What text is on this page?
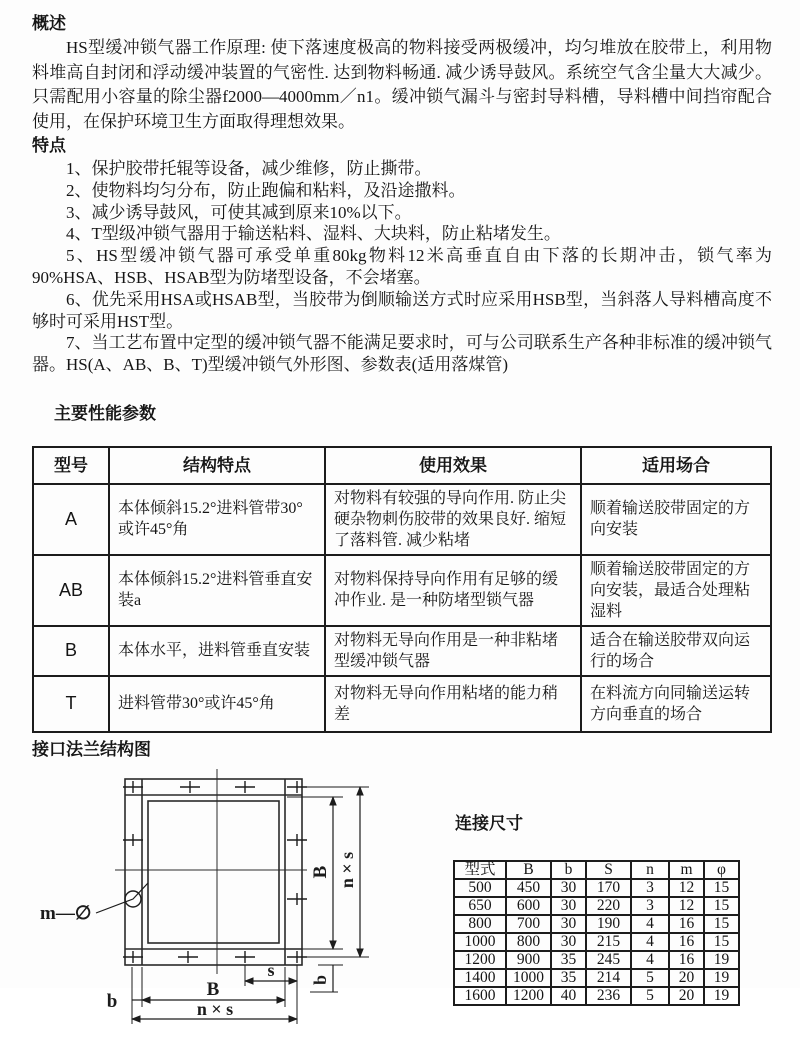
概述
HS型缓冲锁气器工作原理: 使下落速度极高的物料接受两极缓冲，均匀堆放在胶带上，利用物料堆高自封闭和浮动缓冲装置的气密性. 达到物料畅通. 减少诱导鼓风。系统空气含尘量大大减少。只需配用小容量的除尘器f2000—4000mm／n1。缓冲锁气漏斗与密封导料槽，导料槽中间挡帘配合使用，在保护环境卫生方面取得理想效果。
特点
1、保护胶带托辊等设备，减少维修，防止撕带。
2、使物料均匀分布，防止跑偏和粘料，及沿途撒料。
3、减少诱导鼓风，可使其减到原来10%以下。
4、T型级冲锁气器用于输送粘料、湿料、大块料，防止粘堵发生。
5、HS型缓冲锁气器可承受单重80kg物料12米高垂直自由下落的长期冲击，锁气率为90%HSA、HSB、HSAB型为防堵型设备，不会堵塞。
6、优先采用HSA或HSAB型，当胶带为倒顺输送方式时应采用HSB型，当斜落人导料槽高度不够时可采用HST型。
7、当工艺布置中定型的缓冲锁气器不能满足要求时，可与公司联系生产各种非标准的缓冲锁气器。HS(A、AB、B、T)型缓冲锁气外形图、参数表(适用落煤管)
主要性能参数
型号	结构特点	使用效果	适用场合
A	本体倾斜15.2°进料管带30°或许45°角	对物料有较强的导向作用. 防止尖硬杂物刺伤胶带的效果良好. 缩短了落料管. 减少粘堵	顺着输送胶带固定的方向安装
AB	本体倾斜15.2°进料管垂直安装a	对物料保持导向作用有足够的缓冲作业. 是一种防堵型锁气器	顺着输送胶带固定的方向安装，最适合处理粘湿料
B	本体水平，进料管垂直安装	对物料无导向作用是一种非粘堵型缓冲锁气器	适合在输送胶带双向运行的场合
T	进料管带30°或许45°角	对物料无导向作用粘堵的能力稍差	在料流方向同输送运转方向垂直的场合
接口法兰结构图
m—∅
B n × s
b
s
B
n × s
b
连接尺寸
型式	B	b	S	n	m	φ
500	450	30	170	3	12	15
650	600	30	220	3	12	15
800	700	30	190	4	16	15
1000	800	30	215	4	16	15
1200	900	35	245	4	16	19
1400	1000	35	214	5	20	19
1600	1200	40	236	5	20	19
